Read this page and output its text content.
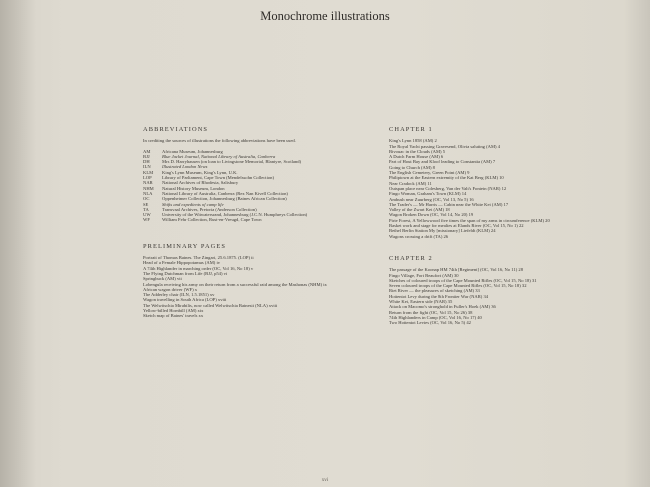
Monochrome illustrations
ABBREVIATIONS
In crediting the sources of illustrations the following abbreviations have been used.
AM	Africana Museum, Johannesburg
BJJ	Blue Jacket Journal, National Library of Australia, Canberra
DH	Mrs D. Harryhausen (on loan to Livingstone Memorial, Blantyre, Scotland)
ILN	Illustrated London News
KLM	King's Lynn Museum, King's Lynn, U.K.
LOP	Library of Parliament, Cape Town (Mendelssohn Collection)
NAR	National Archives of Rhodesia, Salisbury
NHM	Natural History Museum, London
NLA	National Library of Australia, Canberra (Rex Nan Kivell Collection)
OC	Oppenheimer Collection, Johannesburg (Baines African Collection)
SE	Shifts and expedients of camp life
TA	Transvaal Archives, Pretoria (Anderson Collection)
UW	University of the Witwatersrand, Johannesburg (J.C.N. Humphreys Collection)
WF	William Fehr Collection, Rust-en-Vreugd, Cape Town
PRELIMINARY PAGES
Portrait of Thomas Baines. The Zingari, 25.6.1875. (LOP) ii
Head of a Female Hippopotamus (AM) iv
A 74th Highlander in marching order (OC, Vol 16, No 18) v
The Flying Dutchman from Life (BJJ, p54) vi
Springbuck (AM) vii
Lobengula receiving his army on their return from a successful raid among the Mashonas (NHM) ix
African wagon driver (WF) x
The Adderley chair (ILN, 1.5.1851) xv
Wagon travelling in South Africa (LOP) xviii
The Welwitschia Mirabilis, now called Welwitschia Bainesii (NLA) xviii
Yellow-billed Hornbill (AM) xix
Sketch map of Baines' travels xx
CHAPTER 1
King's Lynn 1858 (AM) 2
The Royal Yacht passing Gravesend, Olivia saluting (AM) 4
Bivouac in the Clouds (AM) 5
A Dutch Farm House (AM) 6
Part of Hout Bay and Kloof leading to Constantia (AM) 7
Going to Church (AM) 8
The English Cemetery, Green Point (AM) 9
Philiptown at the Eastern extremity of the Kat Berg (KLM) 10
Near Cradock (AM) 11
Outspan place near Colesberg, Van der Valt's Fontein (NAR) 12
Fingo Woman, Graham's Town (KLM) 14
Ambush near Zuurberg (OC, Vol 13, No 5) 16
The Trader's — Mr Harris — Cabin near the White Kei (AM) 17
Valley of the Zwart Kei (AM) 18
Wagon Broken Down (OC, Vol 14, No 20) 19
Pirie Forest, A Yellowwood five times the span of my arms in circumference (KLM) 20
Basket work and stage for mealies at Elands River (OC, Vol 15, No 1) 22
Bethel Berlin Station My [missionary] Liefeldt (KLM) 24
Wagons crossing a drift (TA) 26
CHAPTER 2
The passage of the Koonap HM 74th [Regiment] (OC, Vol 16, No 11) 28
Fingo Village, Fort Beaufort (AM) 30
Sketches of coloured troops of the Cape Mounted Rifles (OC, Vol 15, No 18) 31
Seven coloured troops of the Cape Mounted Rifles (OC, Vol 15, No 18) 32
Riet River — the pleasures of sketching (AM) 33
Hottentot Levy during the 8th Frontier War (NAR) 34
White Kei, Eastern side (NAR) 35
Attack on Macomo's stronghold in Fuller's Hoek (AM) 36
Return from the fight (OC, Vol 15, No 26) 38
74th Highlanders in Camp (OC, Vol 16, No 17) 40
Two Hottentot Levies (OC, Vol 16, No 5) 42
xvi
